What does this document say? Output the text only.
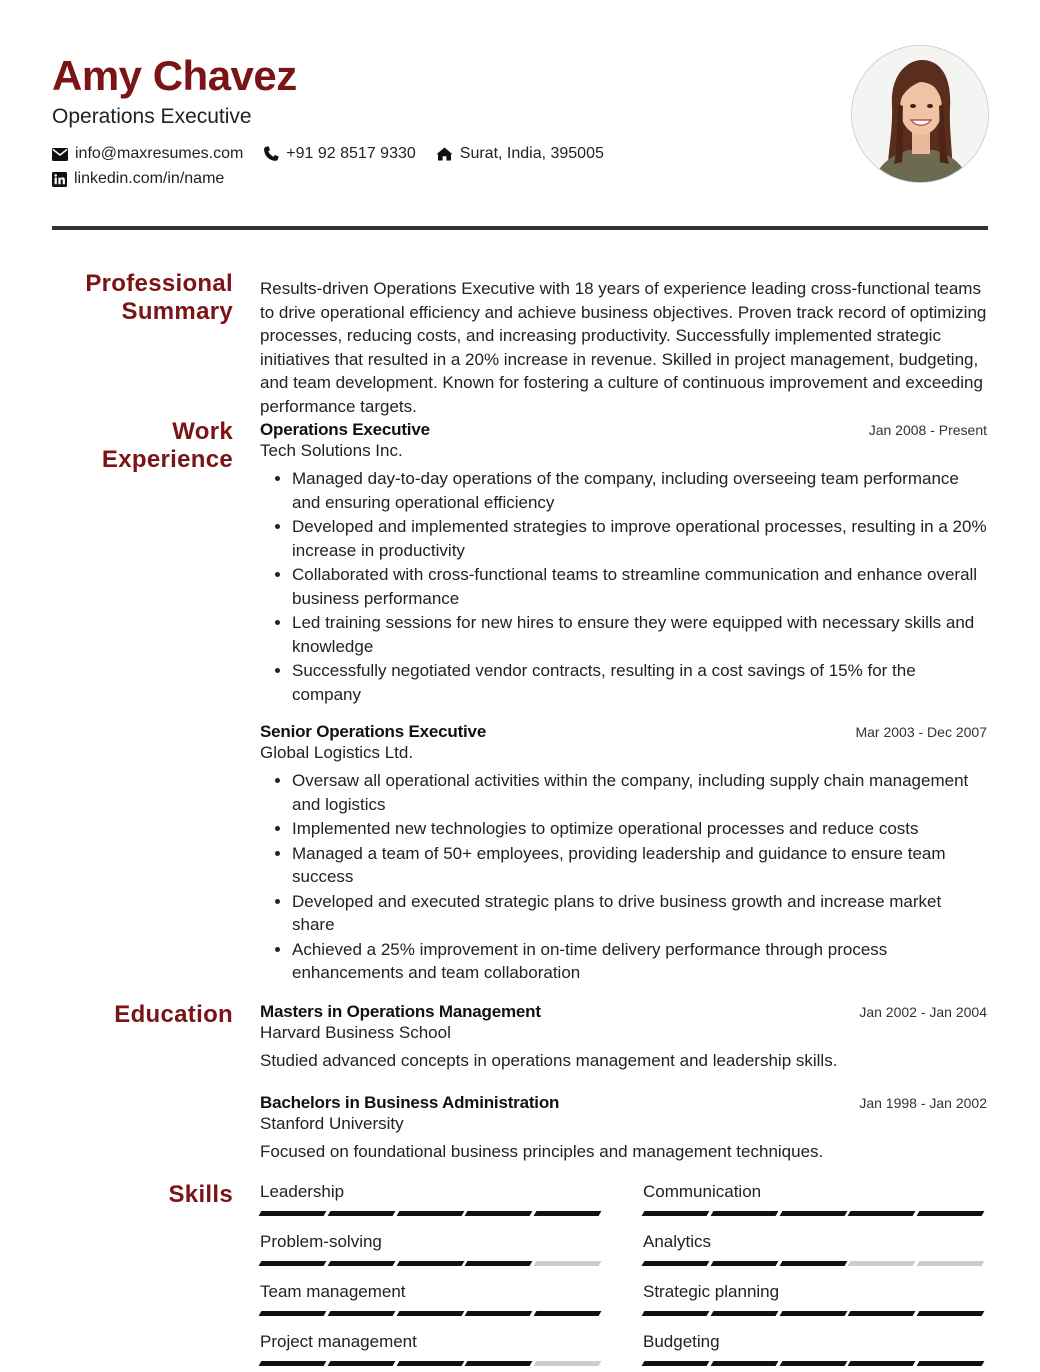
Amy Chavez
Operations Executive
info@maxresumes.com	+91 92 8517 9330	Surat, India, 395005
linkedin.com/in/name
Professional
Summary

Results-driven Operations Executive with 18 years of experience leading cross-functional teams to drive operational efficiency and achieve business objectives. Proven track record of optimizing processes, reducing costs, and increasing productivity. Successfully implemented strategic initiatives that resulted in a 20% increase in revenue. Skilled in project management, budgeting, and team development. Known for fostering a culture of continuous improvement and exceeding performance targets.

Work
Experience
Operations Executive	Jan 2008 - Present
Tech Solutions Inc.
• Managed day-to-day operations of the company, including overseeing team performance and ensuring operational efficiency
• Developed and implemented strategies to improve operational processes, resulting in a 20% increase in productivity
• Collaborated with cross-functional teams to streamline communication and enhance overall business performance
• Led training sessions for new hires to ensure they were equipped with necessary skills and knowledge
• Successfully negotiated vendor contracts, resulting in a cost savings of 15% for the company
Senior Operations Executive	Mar 2003 - Dec 2007
Global Logistics Ltd.
• Oversaw all operational activities within the company, including supply chain management and logistics
• Implemented new technologies to optimize operational processes and reduce costs
• Managed a team of 50+ employees, providing leadership and guidance to ensure team success
• Developed and executed strategic plans to drive business growth and increase market share
• Achieved a 25% improvement in on-time delivery performance through process enhancements and team collaboration
Education Masters in Operations Management	Jan 2002 - Jan 2004
Harvard Business School
Studied advanced concepts in operations management and leadership skills.
Bachelors in Business Administration	Jan 1998 - Jan 2002
Stanford University
Focused on foundational business principles and management techniques.
Skills Leadership	Communication
Problem-solving	Analytics
Team management	Strategic planning
Project management	Budgeting
